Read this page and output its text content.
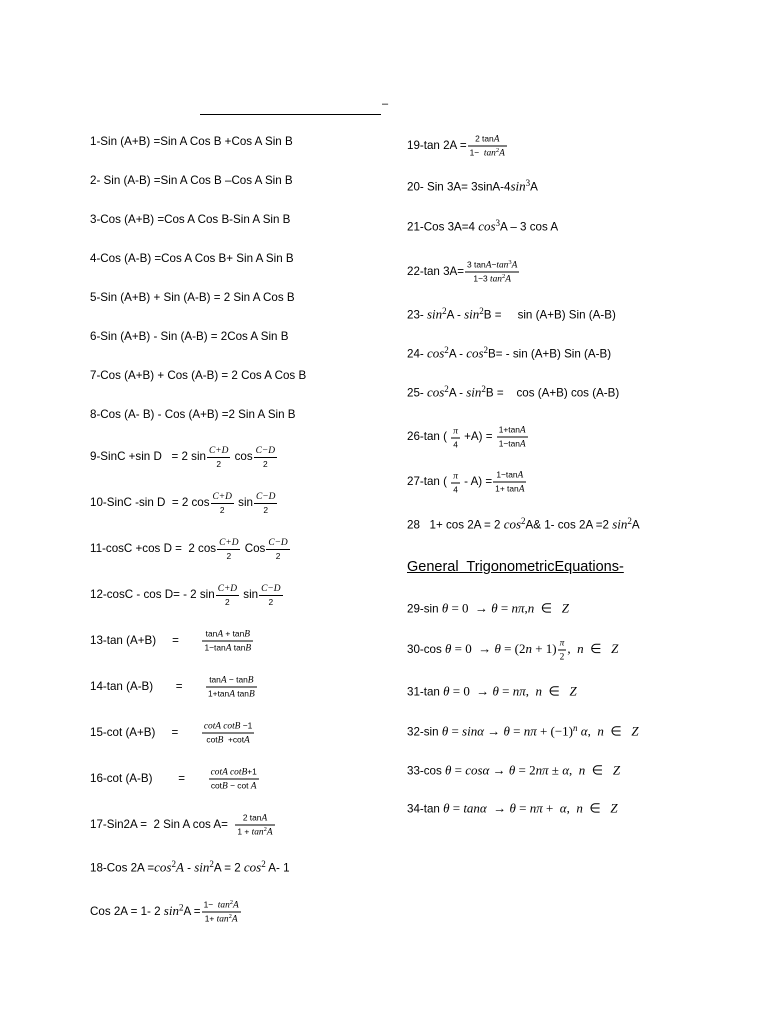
–
1-Sin (A+B) =Sin A Cos B +Cos A Sin B
2- Sin (A-B) =Sin A Cos B –Cos A Sin B
3-Cos (A+B) =Cos A Cos B-Sin A Sin B
4-Cos (A-B) =Cos A Cos B+ Sin A Sin B
5-Sin (A+B) + Sin (A-B) = 2 Sin A Cos B
6-Sin (A+B) - Sin (A-B) = 2Cos A Sin B
7-Cos (A+B) + Cos (A-B) = 2 Cos A Cos B
8-Cos (A- B) - Cos (A+B) =2 Sin A Sin B
9-SinC +sin D   = 2 $\sin \frac{C+D}{2}$ $\cos \frac{C-D}{2}$
10-SinC -sin D  = 2 $\cos \frac{C+D}{2}$ $\sin \frac{C-D}{2}$
11-cosC +cos D =  2 $\cos \frac{C+D}{2}$ Cos $\frac{C-D}{2}$
12-cosC - cos D= - 2 $\sin \frac{C+D}{2}$ $\sin \frac{C-D}{2}$
13-tan (A+B)     = $\frac{\tan A + \tan B}{\text{1−tanA tanB}}$
14-tan (A-B)       = $\frac{\tan A - \tan B}{\text{1+tanA tanB}}$
15-cot (A+B)     = $\frac{\text{cotA cotB −1}}{\cot B +\cot A}$
16-cot (A-B)        = $\frac{\text{cotA cotB+1}}{\text{cotB − cot A}}$
17-Sin2A =  2 Sin A $\cos A= \frac{2 \tan A}{1 + \tan^2A}$
18-Cos $2A =\cos^2A - \sin^2A = 2$ $\cos^2 A-$ 1
Cos 2A = 1- 2 $\sin^2A = \frac{1- \tan^2A}{1+ \tan^2A}$
19-tan $2A = \frac{2 \tan A}{1- \tan^2A}$
20- Sin $3A= 3\sin A-4\sin^3A$
21-Cos 3A=4 $\cos^3A - 3$ cos A
22-tan $3A= \frac{3 \tan A-\tan^3A}{1-3 \tan^2A}$
23- $\sin^2A - \sin^2B$ =     sin (A+B) Sin (A-B)
24- $\cos^2A - \cos^2B= - \sin (A+B)$ Sin (A-B)
25- $\cos^2A - \sin^2B$ =    cos (A+B) cos (A-B)
26-tan ( $\frac{\pi}{4} +A) = \frac{1+\tan A}{1-\tan A}$
27-tan ( $\frac{\pi}{4} - A) = \frac{1-\tan A}{1+ \tan A}$
28   1+ cos 2A = 2 $\cos^2A\&$ 1- cos 2A =2 $\sin^2A$
General  TrigonometricEquations-
29-sin θ = 0  → θ = nπ,n  ∈   Z
30-cos $\theta = 0 \to \theta = (2n + 1) \frac{\pi}{2}$ ,  n  ∈   Z
31-tan θ = 0  → θ = nπ,  n  ∈   Z
32-sin $\theta = \sin\alpha \to \theta = n\pi + (-1)^n$ α,  n  ∈   Z
33-cos θ = cosα → θ = 2nπ ± α,  n  ∈   Z
34-tan θ = tanα  → θ = nπ +  α,  n  ∈   Z
